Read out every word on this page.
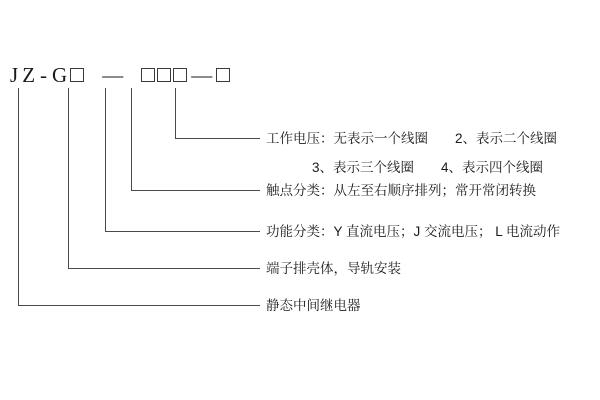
J Z - G —	—
工作电压：无表示一个线圈　　2、表示二个线圈
3、表示三个线圈　　4、表示四个线圈
触点分类：从左至右顺序排列；常开常闭转换
功能分类：Y 直流电压；J 交流电压； L 电流动作
端子排壳体，导轨安装
静态中间继电器
